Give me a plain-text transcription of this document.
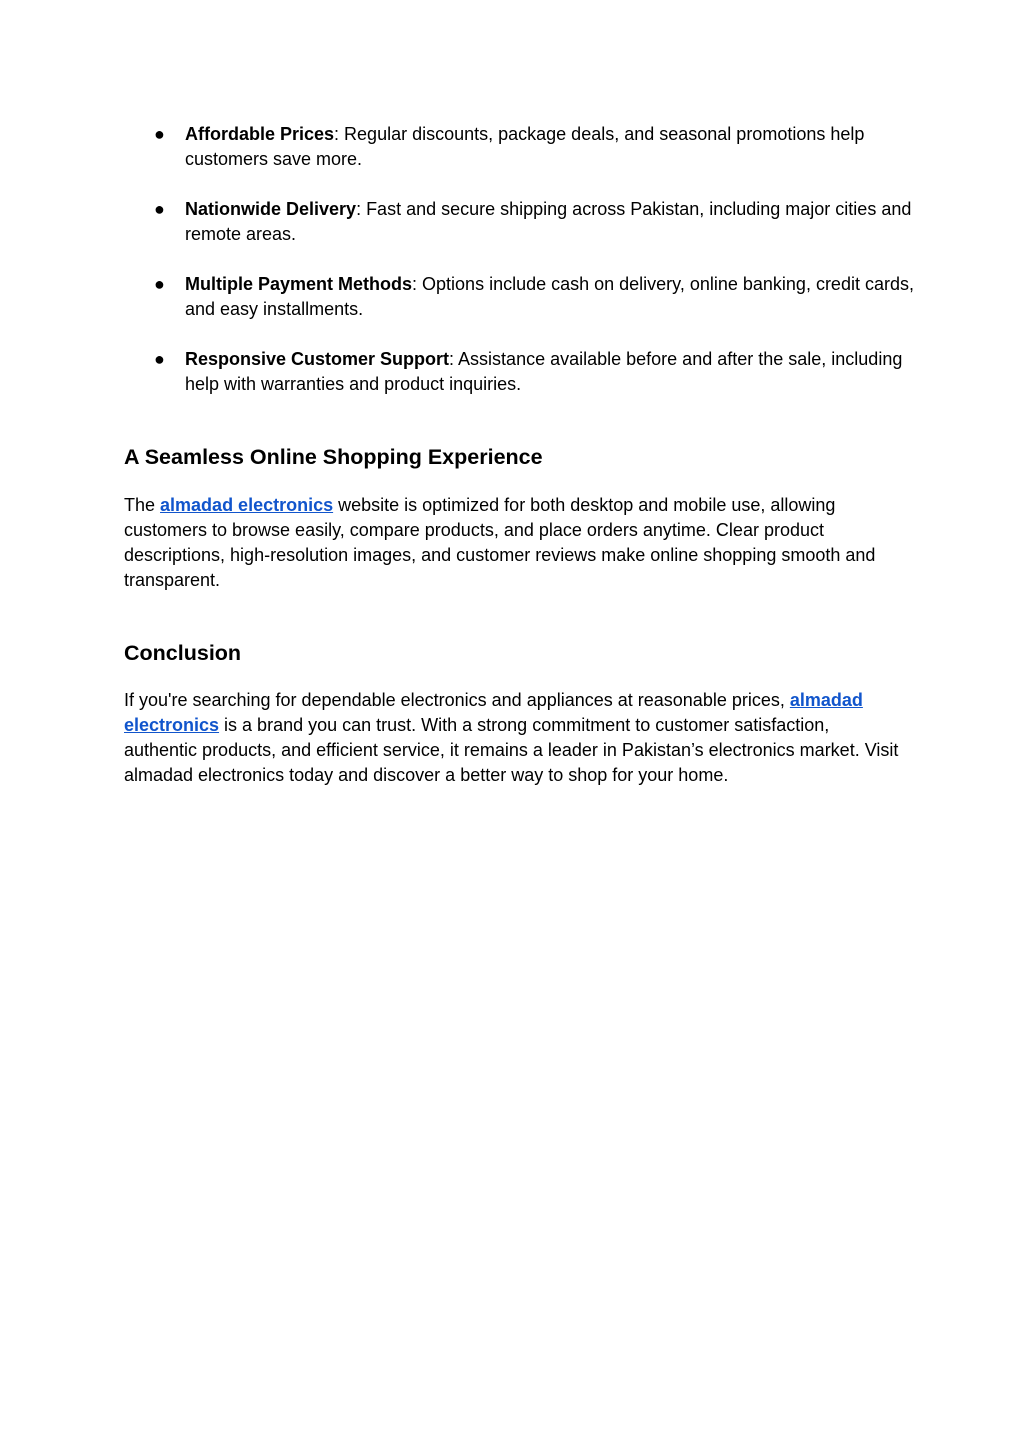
● Affordable Prices: Regular discounts, package deals, and seasonal promotions help customers save more.
● Nationwide Delivery: Fast and secure shipping across Pakistan, including major cities and remote areas.
● Multiple Payment Methods: Options include cash on delivery, online banking, credit cards, and easy installments.
● Responsive Customer Support: Assistance available before and after the sale, including help with warranties and product inquiries.
A Seamless Online Shopping Experience

The almadad electronics website is optimized for both desktop and mobile use, allowing customers to browse easily, compare products, and place orders anytime. Clear product descriptions, high-resolution images, and customer reviews make online shopping smooth and transparent.

Conclusion

If you're searching for dependable electronics and appliances at reasonable prices, almadad electronics is a brand you can trust. With a strong commitment to customer satisfaction, authentic products, and efficient service, it remains a leader in Pakistan’s electronics market. Visit almadad electronics today and discover a better way to shop for your home.
